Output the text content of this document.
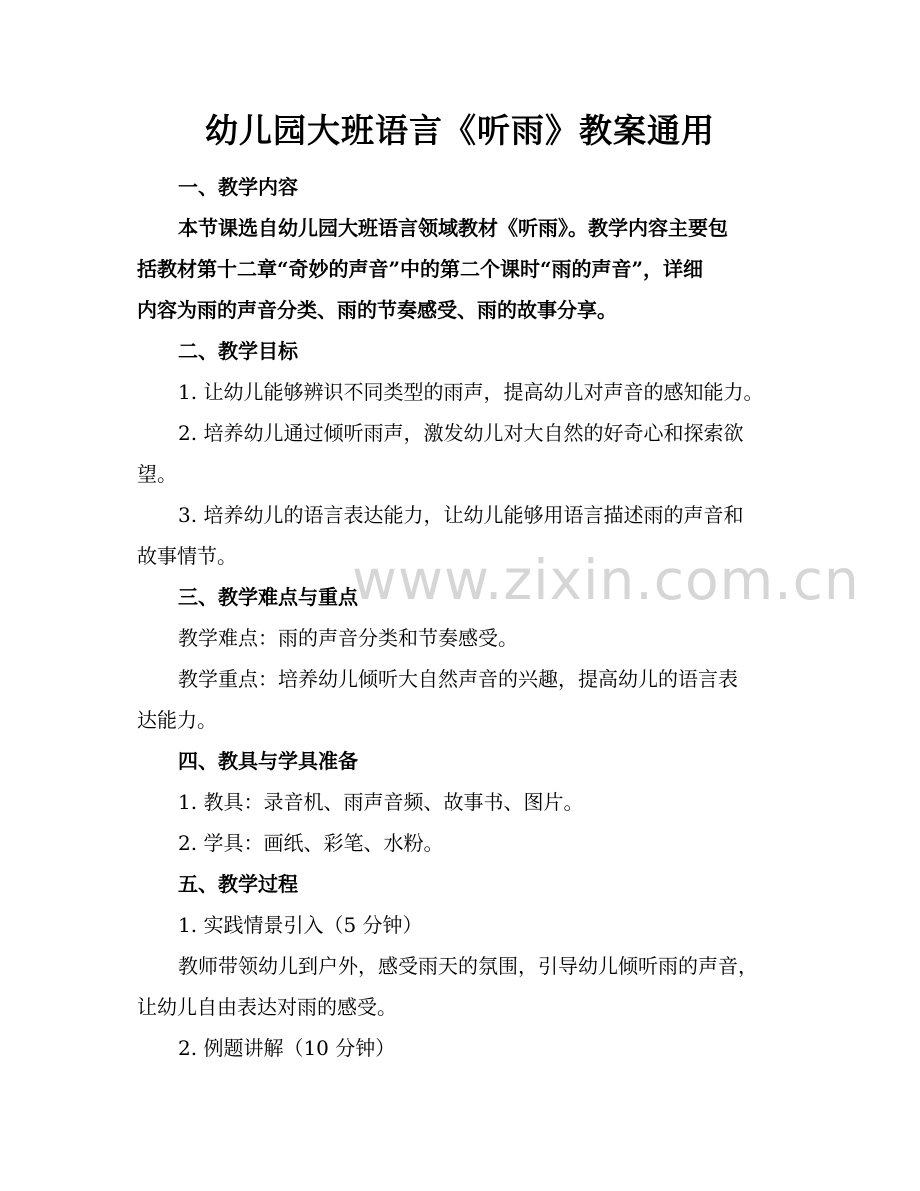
幼儿园大班语言《听雨》教案通用
一、教学内容
本节课选自幼儿园大班语言领域教材《听雨》。教学内容主要包
括教材第十二章“奇妙的声音”中的第二个课时“雨的声音”，详细
内容为雨的声音分类、雨的节奏感受、雨的故事分享。
二、教学目标
1. 让幼儿能够辨识不同类型的雨声，提高幼儿对声音的感知能力。
2. 培养幼儿通过倾听雨声，激发幼儿对大自然的好奇心和探索欲
望。
3. 培养幼儿的语言表达能力，让幼儿能够用语言描述雨的声音和
故事情节。
三、教学难点与重点
教学难点：雨的声音分类和节奏感受。
教学重点：培养幼儿倾听大自然声音的兴趣，提高幼儿的语言表
达能力。
四、教具与学具准备
1. 教具：录音机、雨声音频、故事书、图片。
2. 学具：画纸、彩笔、水粉。
五、教学过程
1. 实践情景引入（5 分钟）
教师带领幼儿到户外，感受雨天的氛围，引导幼儿倾听雨的声音，
让幼儿自由表达对雨的感受。
2. 例题讲解（10 分钟）
www.zixin.com.cn
